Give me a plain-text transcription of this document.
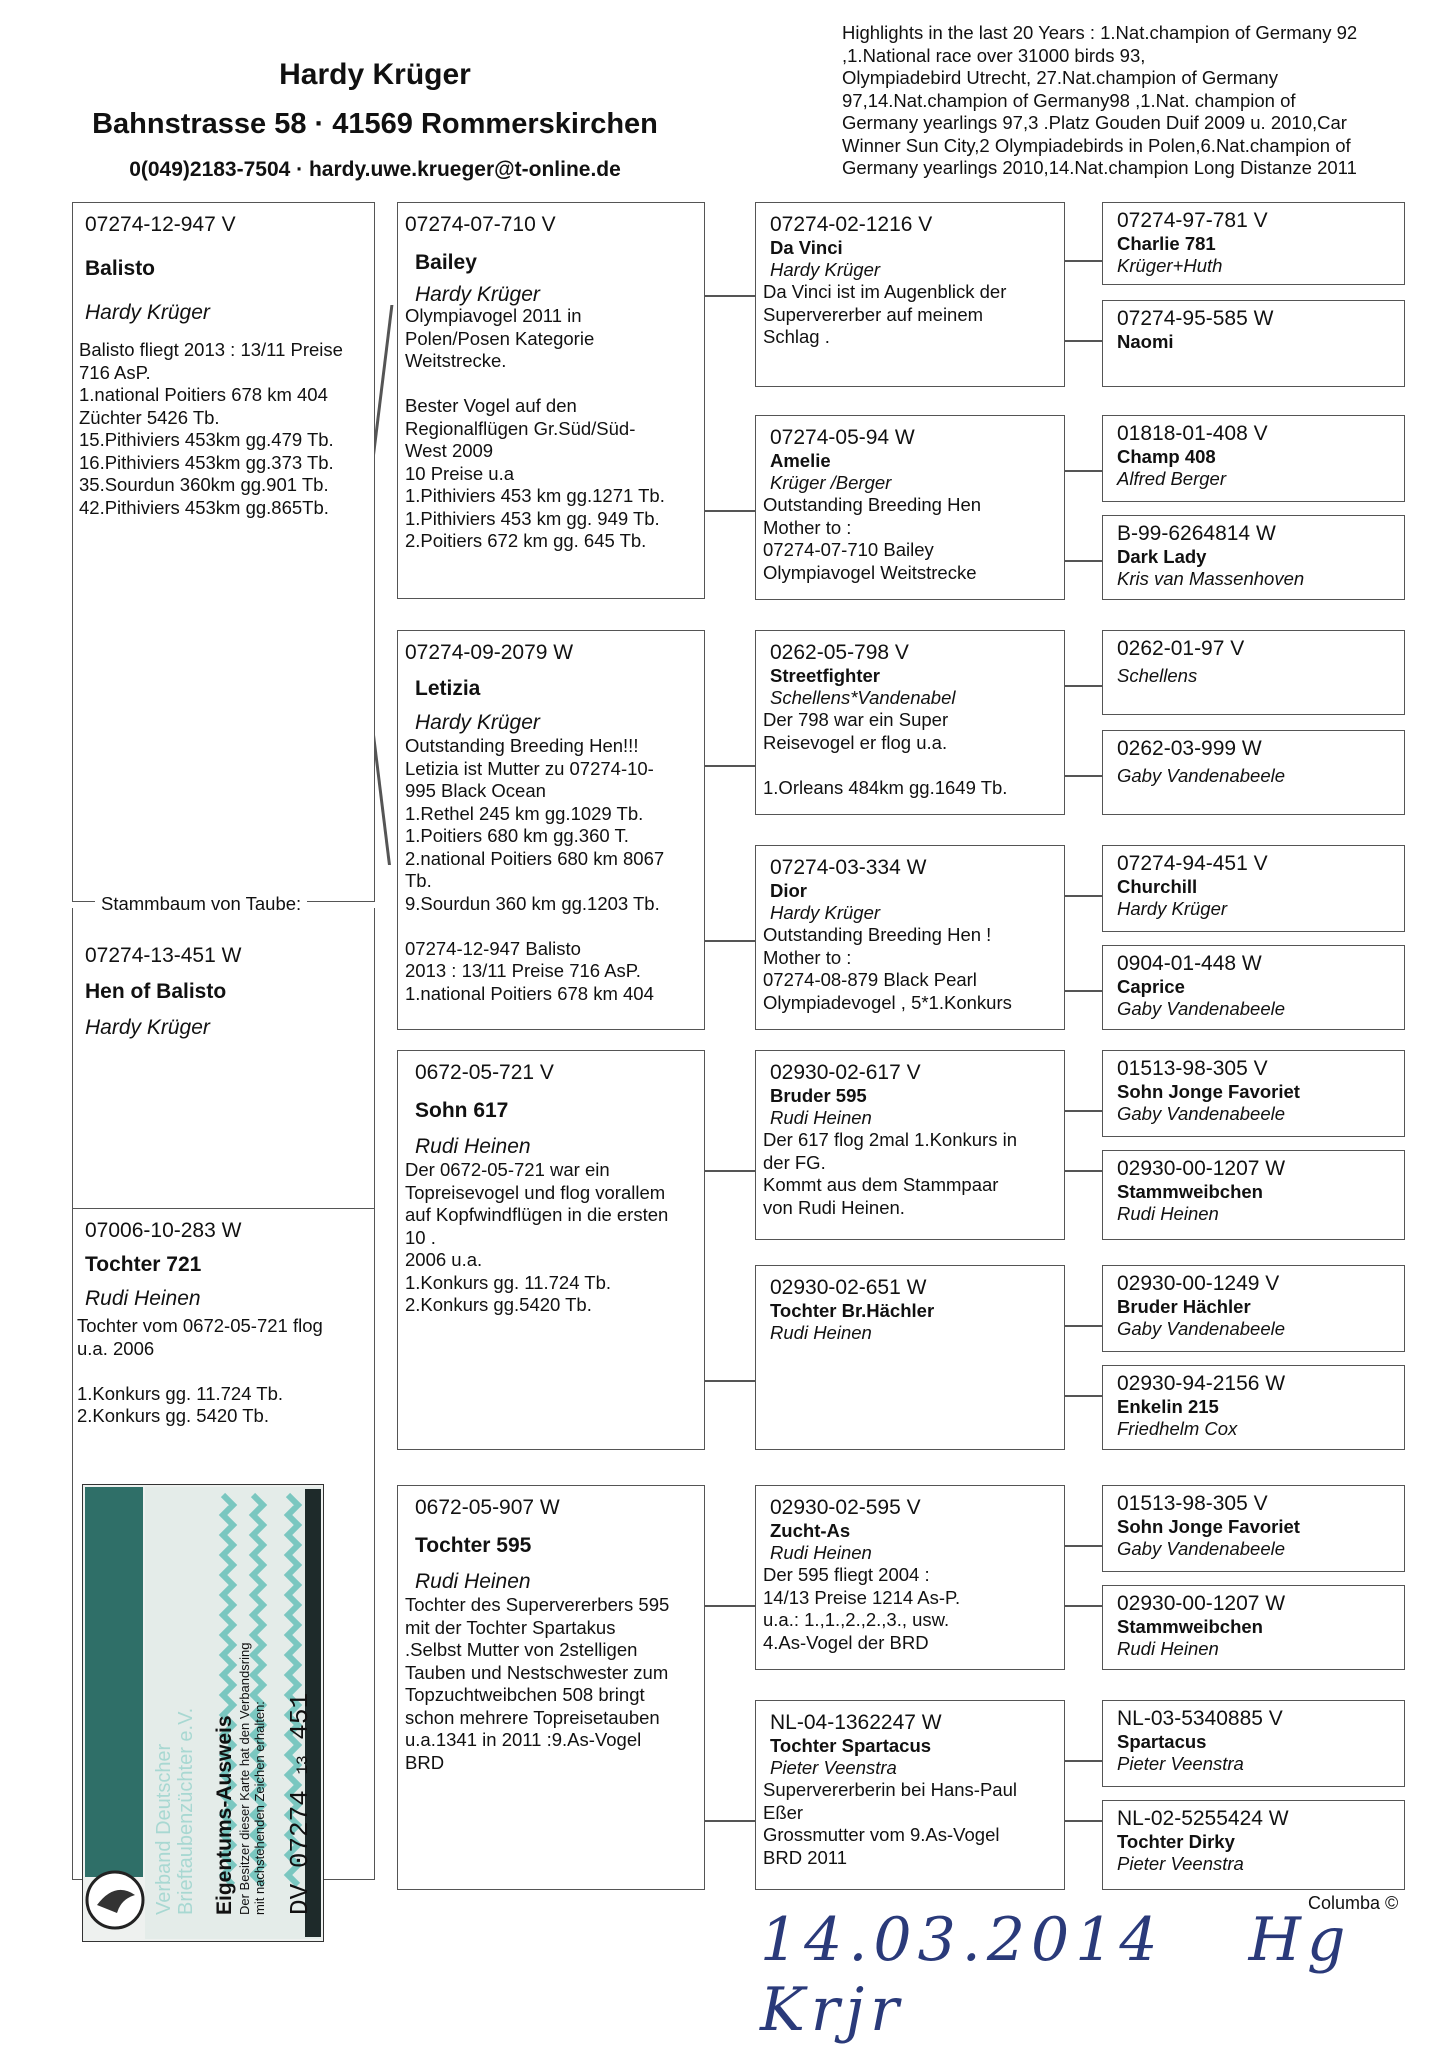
Hardy Krüger
Bahnstrasse 58 · 41569 Rommerskirchen
0(049)2183-7504 · hardy.uwe.krueger@t-online.de
Highlights in the last 20 Years : 1.Nat.champion of Germany 92
,1.National race over 31000 birds 93,
Olympiadebird Utrecht, 27.Nat.champion of Germany
97,14.Nat.champion of Germany98 ,1.Nat. champion of
Germany yearlings 97,3 .Platz Gouden Duif 2009 u. 2010,Car
Winner Sun City,2 Olympiadebirds in Polen,6.Nat.champion of
Germany yearlings 2010,14.Nat.champion Long Distanze 2011
07274-12-947 V
Balisto
Hardy Krüger
Balisto fliegt 2013 : 13/11 Preise
716 AsP.
1.national Poitiers 678 km 404
Züchter 5426 Tb.
15.Pithiviers 453km gg.479 Tb.
16.Pithiviers 453km gg.373 Tb.
35.Sourdun 360km gg.901 Tb.
42.Pithiviers 453km gg.865Tb.
07274-13-451 W
Hen of Balisto
Hardy Krüger
07006-10-283 W
Tochter 721
Rudi Heinen
Tochter vom 0672-05-721 flog
u.a. 2006

1.Konkurs gg. 11.724 Tb.
2.Konkurs gg. 5420 Tb.
Stammbaum von Taube:
Verband Deutscher Brieftaubenzüchter e.V. Eigentums-Ausweis Der Besitzer dieser Karte hat den Verbandsring mit nachstehenden Zeichen erhalten: DV 07274 13 451
07274-07-710 V
Bailey
Hardy Krüger
Olympiavogel 2011 in
Polen/Posen Kategorie
Weitstrecke.

Bester Vogel auf den
Regionalflügen Gr.Süd/Süd-
West 2009
10 Preise u.a
1.Pithiviers 453 km gg.1271 Tb.
1.Pithiviers 453 km gg. 949 Tb.
2.Poitiers 672 km gg. 645 Tb.
07274-09-2079 W
Letizia
Hardy Krüger
Outstanding Breeding Hen!!!
Letizia ist Mutter zu 07274-10-
995 Black Ocean
1.Rethel 245 km gg.1029 Tb.
1.Poitiers 680 km gg.360 T.
2.national Poitiers 680 km 8067
Tb.
9.Sourdun 360 km gg.1203 Tb.

07274-12-947 Balisto
2013 : 13/11 Preise 716 AsP.
1.national Poitiers 678 km 404
0672-05-721 V
Sohn 617
Rudi Heinen
Der 0672-05-721 war ein
Topreisevogel und flog vorallem
auf Kopfwindflügen in die ersten
10 .
2006 u.a.
1.Konkurs gg. 11.724 Tb.
2.Konkurs gg.5420 Tb.
0672-05-907 W
Tochter 595
Rudi Heinen
Tochter des Supervererbers 595
mit der Tochter Spartakus
.Selbst Mutter von 2stelligen
Tauben und Nestschwester zum
Topzuchtweibchen 508 bringt
schon mehrere Topreisetauben
u.a.1341 in 2011 :9.As-Vogel
BRD
07274-02-1216 V
Da Vinci
Hardy Krüger
Da Vinci ist im Augenblick der
Supervererber auf meinem
Schlag .
07274-05-94 W
Amelie
Krüger /Berger
Outstanding Breeding Hen
Mother to :
07274-07-710 Bailey
Olympiavogel Weitstrecke
0262-05-798 V
Streetfighter
Schellens*Vandenabel
Der 798 war ein Super
Reisevogel er flog u.a.

1.Orleans 484km gg.1649 Tb.
07274-03-334 W
Dior
Hardy Krüger
Outstanding Breeding Hen !
Mother to :
07274-08-879 Black Pearl
Olympiadevogel , 5*1.Konkurs
02930-02-617 V
Bruder 595
Rudi Heinen
Der 617 flog 2mal 1.Konkurs in
der FG.
Kommt aus dem Stammpaar
von Rudi Heinen.
02930-02-651 W
Tochter Br.Hächler
Rudi Heinen
02930-02-595 V
Zucht-As
Rudi Heinen
Der 595 fliegt 2004 :
14/13 Preise 1214 As-P.
u.a.: 1.,1.,2.,2.,3., usw.
4.As-Vogel der BRD
NL-04-1362247 W
Tochter Spartacus
Pieter Veenstra
Supervererberin bei Hans-Paul
Eßer
Grossmutter vom 9.As-Vogel
BRD 2011
07274-97-781 V
Charlie 781
Krüger+Huth
07274-95-585 W
Naomi
01818-01-408 V
Champ 408
Alfred Berger
B-99-6264814 W
Dark Lady
Kris van Massenhoven
0262-01-97 V
Schellens
0262-03-999 W
Gaby Vandenabeele
07274-94-451 V
Churchill
Hardy Krüger
0904-01-448 W
Caprice
Gaby Vandenabeele
01513-98-305 V
Sohn Jonge Favoriet
Gaby Vandenabeele
02930-00-1207 W
Stammweibchen
Rudi Heinen
02930-00-1249 V
Bruder Hächler
Gaby Vandenabeele
02930-94-2156 W
Enkelin 215
Friedhelm Cox
01513-98-305 V
Sohn Jonge Favoriet
Gaby Vandenabeele
02930-00-1207 W
Stammweibchen
Rudi Heinen
NL-03-5340885 V
Spartacus
Pieter Veenstra
NL-02-5255424 W
Tochter Dirky
Pieter Veenstra
Columba ©
14.03.2014 Hg Krjr
